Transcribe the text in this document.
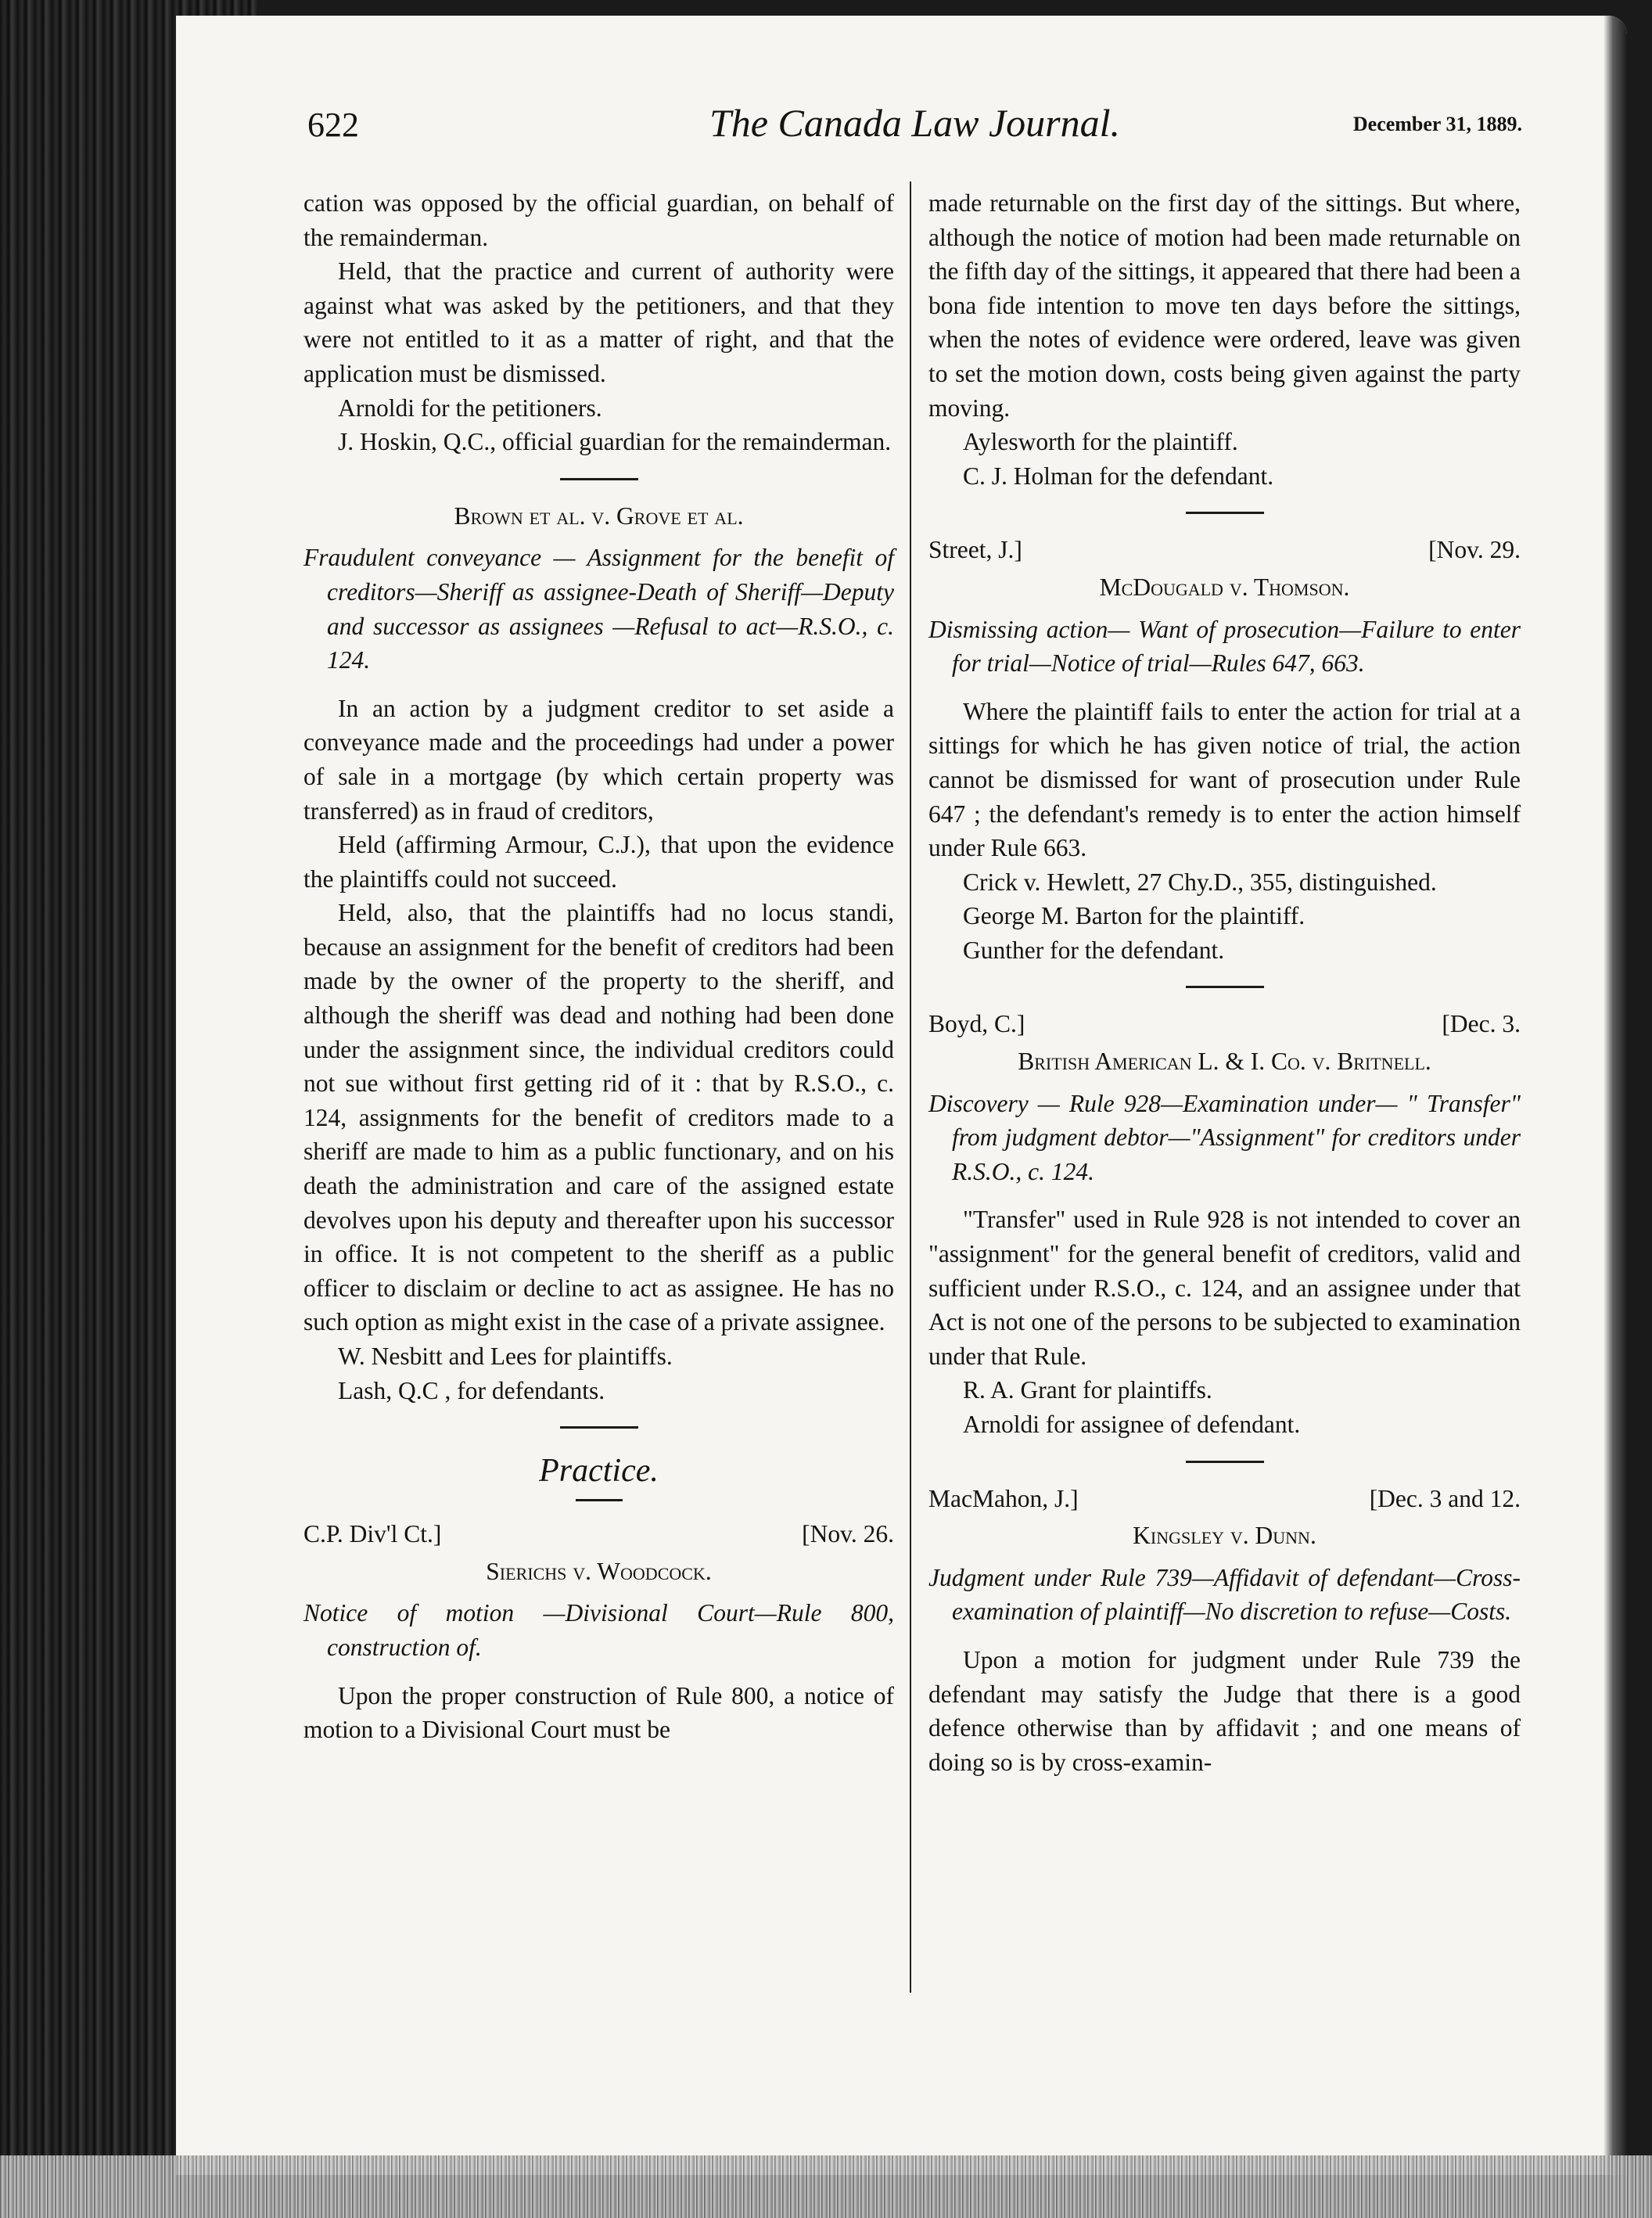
622	The Canada Law Journal.	December 31, 1889.

cation was opposed by the official guardian, on behalf of the remainderman.

Held, that the practice and current of authority were against what was asked by the petitioners, and that they were not entitled to it as a matter of right, and that the application must be dismissed.

Arnoldi for the petitioners.

J. Hoskin, Q.C., official guardian for the remainderman.

Brown et al. v. Grove et al.

Fraudulent conveyance — Assignment for the benefit of creditors—Sheriff as assignee-Death of Sheriff—Deputy and successor as assignees —Refusal to act—R.S.O., c. 124.

In an action by a judgment creditor to set aside a conveyance made and the proceedings had under a power of sale in a mortgage (by which certain property was transferred) as in fraud of creditors,

Held (affirming Armour, C.J.), that upon the evidence the plaintiffs could not succeed.

Held, also, that the plaintiffs had no locus standi, because an assignment for the benefit of creditors had been made by the owner of the property to the sheriff, and although the sheriff was dead and nothing had been done under the assignment since, the individual creditors could not sue without first getting rid of it : that by R.S.O., c. 124, assignments for the benefit of creditors made to a sheriff are made to him as a public functionary, and on his death the administration and care of the assigned estate devolves upon his deputy and thereafter upon his successor in office. It is not competent to the sheriff as a public officer to disclaim or decline to act as assignee. He has no such option as might exist in the case of a private assignee.

W. Nesbitt and Lees for plaintiffs.

Lash, Q.C , for defendants.

Practice.
C.P. Div'l Ct.]	[Nov. 26.
Sierichs v. Woodcock.

Notice of motion —Divisional Court—Rule 800, construction of.

Upon the proper construction of Rule 800, a notice of motion to a Divisional Court must be

made returnable on the first day of the sittings. But where, although the notice of motion had been made returnable on the fifth day of the sittings, it appeared that there had been a bona fide intention to move ten days before the sittings, when the notes of evidence were ordered, leave was given to set the motion down, costs being given against the party moving.

Aylesworth for the plaintiff.

C. J. Holman for the defendant.

Street, J.]	[Nov. 29.
McDougald v. Thomson.

Dismissing action— Want of prosecution—Failure to enter for trial—Notice of trial—Rules 647, 663.

Where the plaintiff fails to enter the action for trial at a sittings for which he has given notice of trial, the action cannot be dismissed for want of prosecution under Rule 647 ; the defendant's remedy is to enter the action himself under Rule 663.

Crick v. Hewlett, 27 Chy.D., 355, distinguished.

George M. Barton for the plaintiff.

Gunther for the defendant.

Boyd, C.]	[Dec. 3.
British American L. & I. Co. v. Britnell.

Discovery — Rule 928—Examination under— " Transfer" from judgment debtor—"Assignment" for creditors under R.S.O., c. 124.

"Transfer" used in Rule 928 is not intended to cover an "assignment" for the general benefit of creditors, valid and sufficient under R.S.O., c. 124, and an assignee under that Act is not one of the persons to be subjected to examination under that Rule.

R. A. Grant for plaintiffs.

Arnoldi for assignee of defendant.

MacMahon, J.]	[Dec. 3 and 12.
Kingsley v. Dunn.

Judgment under Rule 739—Affidavit of defendant—Cross-examination of plaintiff—No discretion to refuse—Costs.

Upon a motion for judgment under Rule 739 the defendant may satisfy the Judge that there is a good defence otherwise than by affidavit ; and one means of doing so is by cross-examin-
